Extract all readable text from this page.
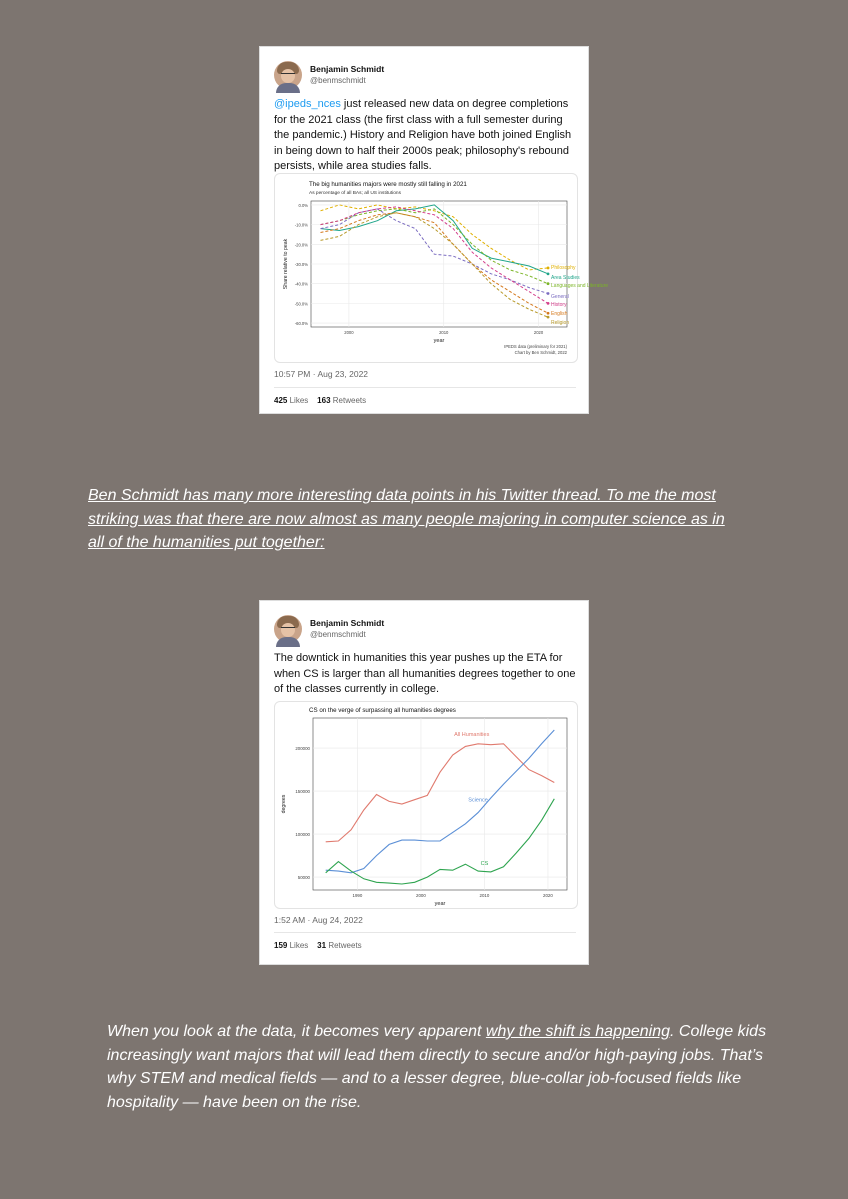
Benjamin Schmidt
@benmschmidt
@ipeds_nces just released new data on degree completions for the 2021 class (the first class with a full semester during the pandemic.) History and Religion have both joined English in being down to half their 2000s peak; philosophy's rebound persists, while area studies falls.
0.0%
-10.0%
-20.0%
-30.0%
-40.0%
-50.0%
-60.0%
2000	2010	2020
The big humanities majors were mostly still falling in 2021
As percentage of all BAs; all US institutions
year
Share relative to peak	Philosophy
Area Studies
Languages and Literature
General
History
English
Religion
IPEDS data (preliminary for 2021)
Chart by Ben Schmidt, 2022
10:57 PM · Aug 23, 2022
425 Likes 163 Retweets
Ben Schmidt has many more interesting data points in his Twitter thread. To me the most striking was that there are now almost as many people majoring in computer science as in all of the humanities put together:
Benjamin Schmidt
@benmschmidt
The downtick in humanities this year pushes up the ETA for when CS is larger than all humanities degrees together to one of the classes currently in college.
50000
100000
150000
200000
1990	2000	2010	2020
CS on the verge of surpassing all humanities degrees
year
degrees
All Humanities
Science
CS
1:52 AM · Aug 24, 2022
159 Likes 31 Retweets
When you look at the data, it becomes very apparent why the shift is happening. College kids increasingly want majors that will lead them directly to secure and/or high-paying jobs. That’s why STEM and medical fields — and to a lesser degree, blue-collar job-focused fields like hospitality — have been on the rise.
